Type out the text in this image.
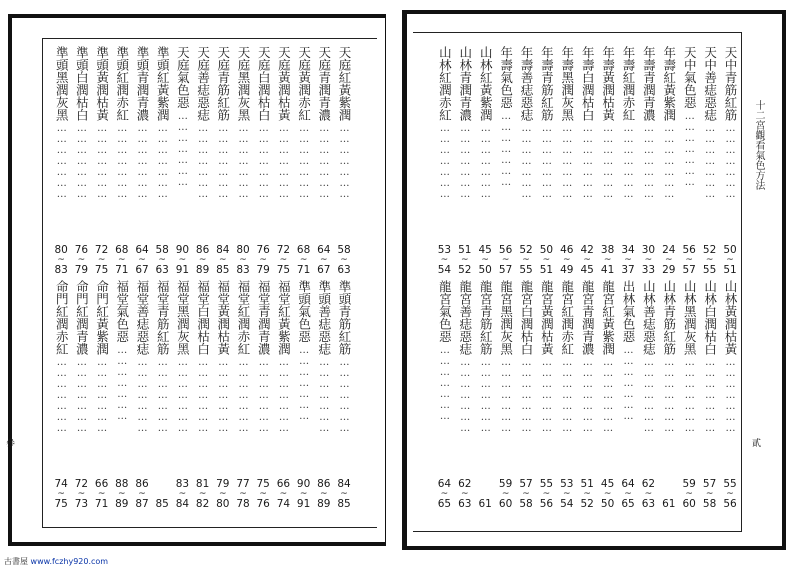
十二宮觀看氣色方法
參	貳
天庭紅黃紫潤
…………………
58
~
63
天庭青潤青濃
…………………
64
~
67
天庭黃潤赤紅
…………………
68
~
71
天庭黃潤枯黃
…………………
72
~
75
天庭白潤枯白
…………………
76
~
79
天庭黑潤灰黑
…………………
80
~
83
天庭青筋紅筋
…………………
84
~
85
天庭善痣惡痣
…………………
86
~
89
天庭氣色惡
…………………
90
~
91
準頭紅黃紫潤
…………………
58
~
63
準頭青潤青濃
…………………
64
~
67
準頭紅潤赤紅
…………………
68
~
71
準頭黃潤枯黃
…………………
72
~
75
準頭白潤枯白
…………………
76
~
79
準頭黑潤灰黑
…………………
80
~
83
準頭青筋紅筋
…………………
84
~
85
準頭善痣惡痣
…………………
86
~
89
準頭氣色惡
…………………
90
~
91
福堂紅黃紫潤
…………………
66
~
74
福堂青潤青濃
…………………
75
~
76
福堂紅潤赤紅
…………………
77
~
78
福堂黃潤枯黃
…………………
79
~
80
福堂白潤枯白
…………………
81
~
82
福堂黑潤灰黑
…………………
83
~
84
福堂青筋紅筋
…………………
85
福堂善痣惡痣
…………………
86
~
87
福堂氣色惡
…………………
88
~
89
命門紅黃紫潤
…………………
66
~
71
命門紅潤青濃
…………………
72
~
73
命門紅潤赤紅
…………………
74
~
75
天中青筋紅筋
…………………
50
~
51
天中善痣惡痣
…………………
52
~
55
天中氣色惡
…………………
56
~
57
年壽紅黃紫潤
…………………
24
~
29
年壽青潤青濃
…………………
30
~
33
年壽紅潤赤紅
…………………
34
~
37
年壽黃潤枯黃
…………………
38
~
41
年壽白潤枯白
…………………
42
~
45
年壽黑潤灰黑
…………………
46
~
49
年壽青筋紅筋
…………………
50
~
51
年壽善痣惡痣
…………………
52
~
55
年壽氣色惡
…………………
56
~
57
山林紅黃紫潤
…………………
45
~
50
山林青潤青濃
…………………
51
~
52
山林紅潤赤紅
…………………
53
~
54
山林黃潤枯黃
…………………
55
~
56
山林白潤枯白
…………………
57
~
58
山林黑潤灰黑
…………………
59
~
60
山林青筋紅筋
…………………
61
山林善痣惡痣
…………………
62
~
63
出林氣色惡
…………………
64
~
65
龍宮紅黃紫潤
…………………
45
~
50
龍宮青潤青濃
…………………
51
~
52
龍宮紅潤赤紅
…………………
53
~
54
龍宮黃潤枯黃
…………………
55
~
56
龍宮白潤枯白
…………………
57
~
58
龍宮黑潤灰黑
…………………
59
~
60
龍宮青筋紅筋
…………………
61
龍宮善痣惡痣
…………………
62
~
63
龍宮氣色惡
…………………
64
~
65
古書屋 www.fczhy920.com
